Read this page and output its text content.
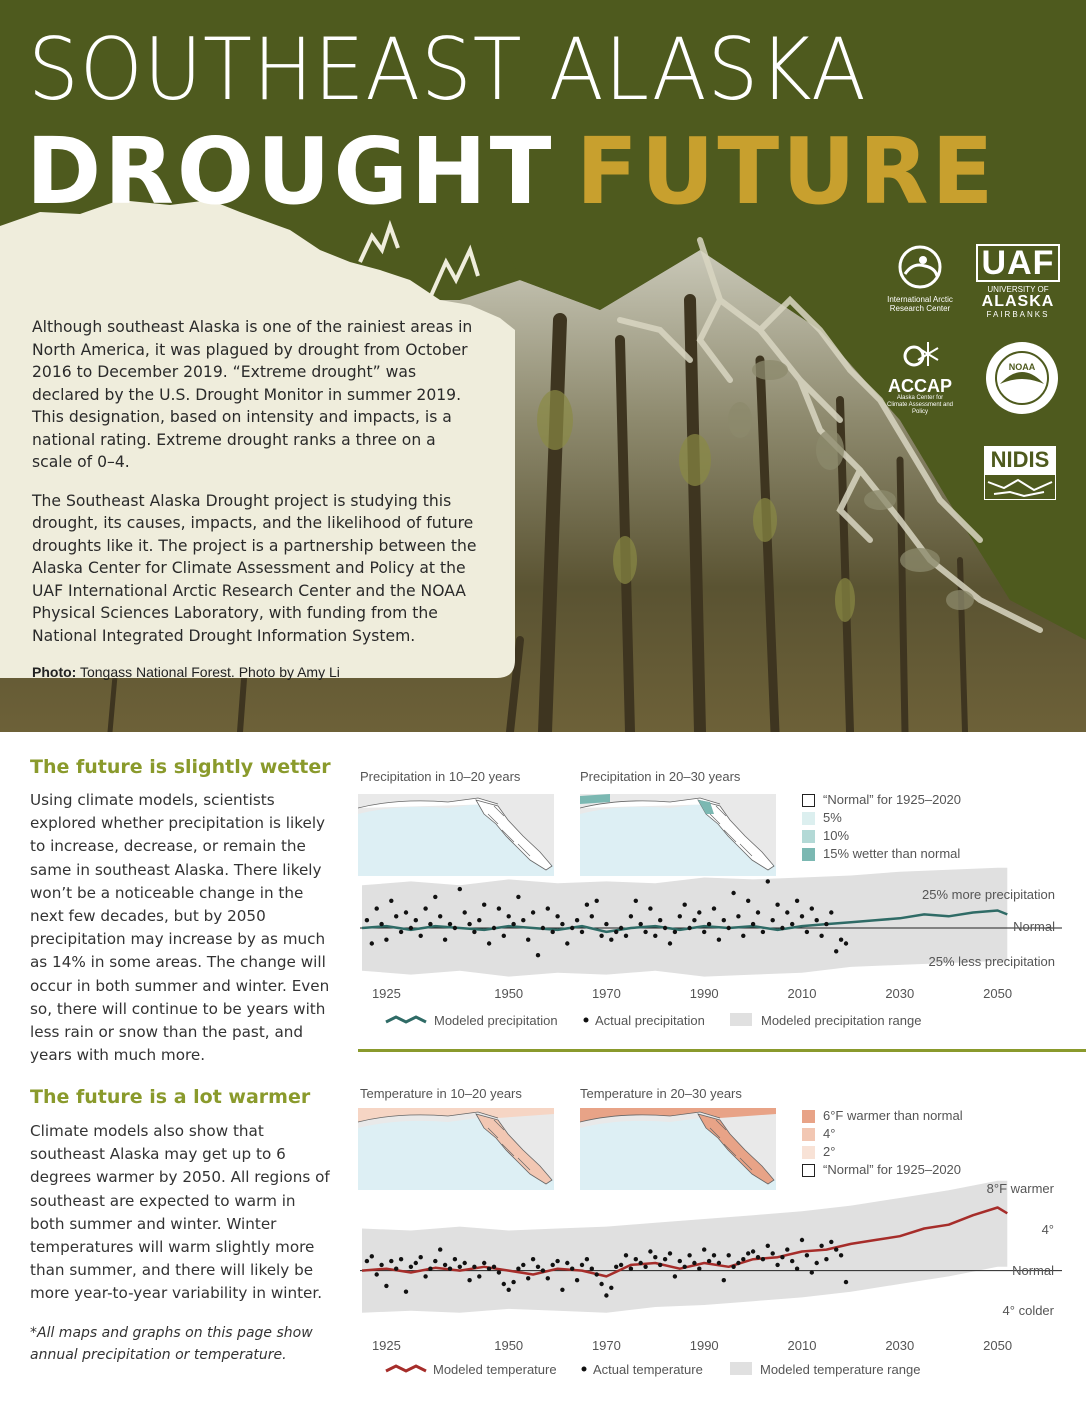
SOUTHEAST ALASKA
DROUGHT FUTURE

Although southeast Alaska is one of the rainiest areas in North America, it was plagued by drought from October 2016 to December 2019. “Extreme drought” was declared by the U.S. Drought Monitor in summer 2019. This designation, based on intensity and impacts, is a national rating. Extreme drought ranks a three on a scale of 0–4.

The Southeast Alaska Drought project is studying this drought, its causes, impacts, and the likelihood of future droughts like it. The project is a partnership between the Alaska Center for Climate Assessment and Policy at the UAF International Arctic Research Center and the NOAA Physical Sciences Laboratory, with funding from the National Integrated Drought Information System.

Photo: Tongass National Forest. Photo by Amy Li
International Arctic Research Center
UAF
UNIVERSITY OF
ALASKA
FAIRBANKS
ACCAP
Alaska Center for Climate Assessment and Policy
NOAA
NIDIS
The future is slightly wetter
Using climate models, scientists explored whether precipitation is likely to increase, decrease, or remain the same in southeast Alaska. There likely won’t be a noticeable change in the next few decades, but by 2050 precipitation may increase by as much as 14% in some areas. The change will occur in both summer and winter. Even so, there will continue to be years with less rain or snow than the past, and years with much more.
The future is a lot warmer
Climate models also show that southeast Alaska may get up to 6 degrees warmer by 2050. All regions of southeast are expected to warm in both summer and winter. Winter temperatures will warm slightly more than summer, and there will likely be more year-to-year variability in winter.
*All maps and graphs on this page show annual precipitation or temperature.
Precipitation in 10–20 years	Precipitation in 20–30 years
“Normal” for 1925–2020
5%
10%
15% wetter than normal
25% more precipitation
Normal
25% less precipitation
1925	1950	1970	1990	2010	2030	2050
Modeled precipitation	Actual precipitation	Modeled precipitation range
Temperature in 10–20 years	Temperature in 20–30 years
6°F warmer than normal
4°
2°
“Normal” for 1925–2020
8°F warmer
4°
Normal
4° colder
1925	1950	1970	1990	2010	2030	2050
Modeled temperature	Actual temperature	Modeled temperature range
